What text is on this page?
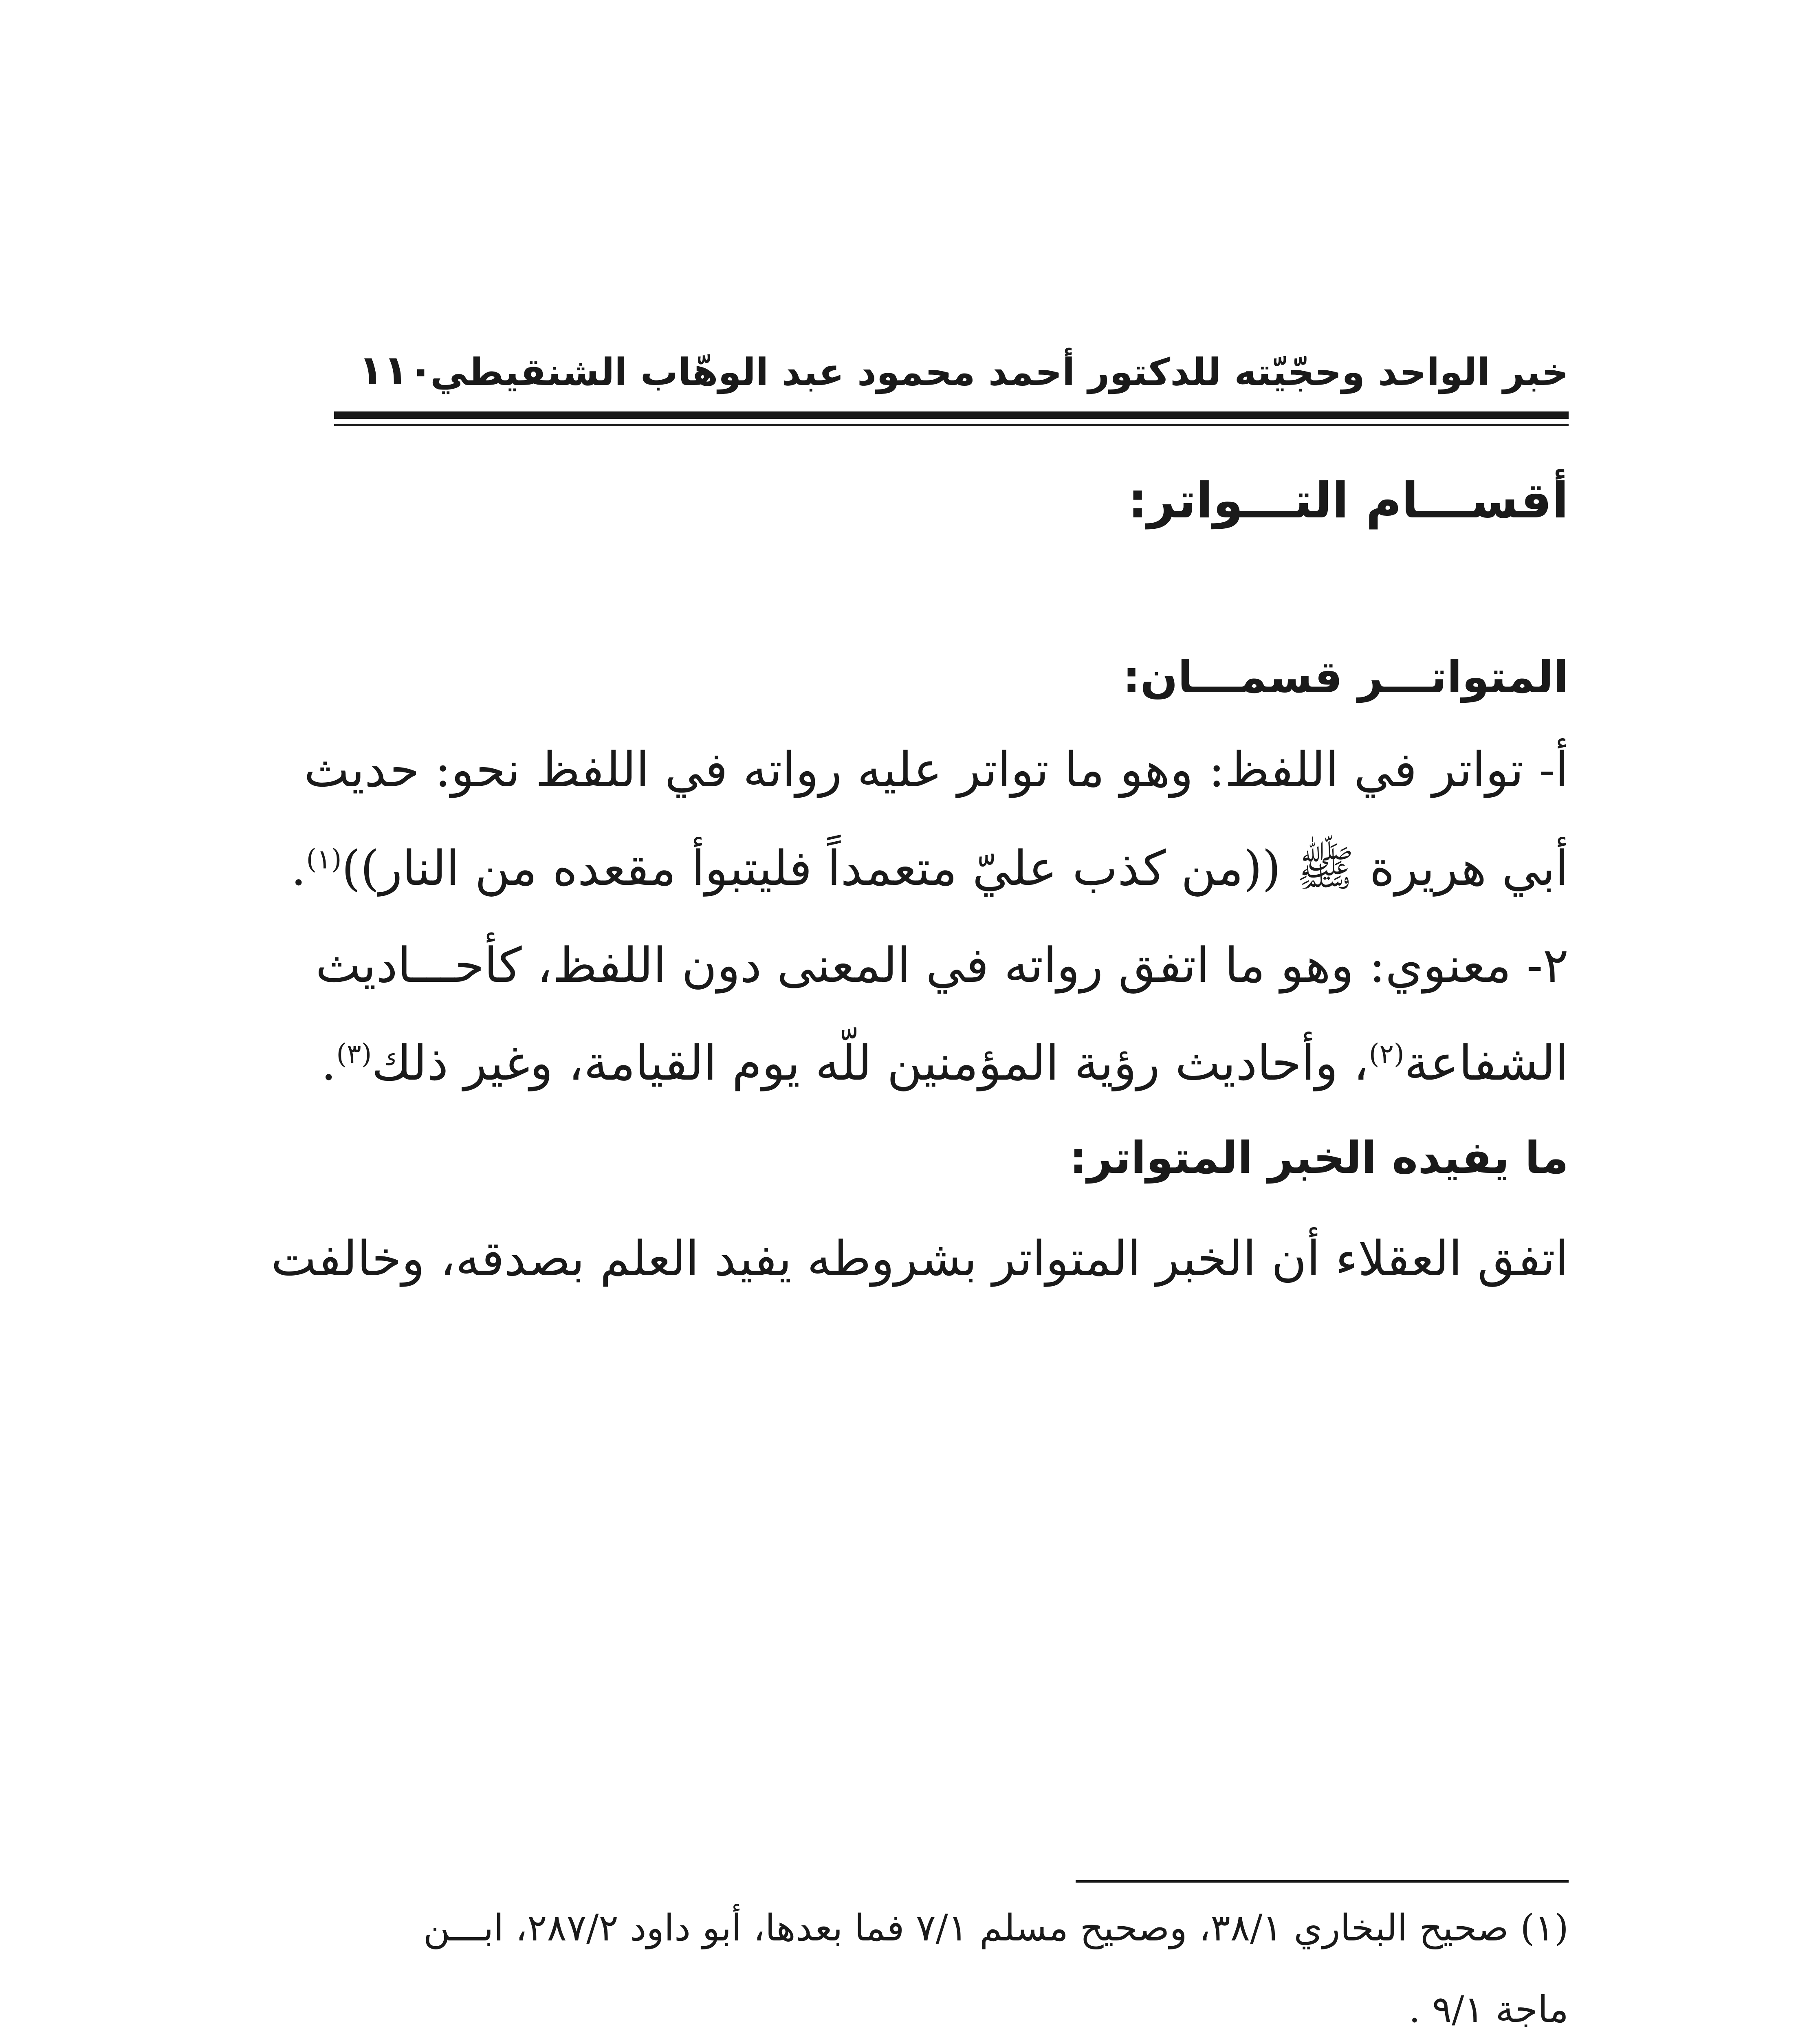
خبر الواحد وحجّيّته للدكتور أحمد محمود عبد الوهّاب الشنقيطي
١١٠
أقســـام التـــواتر:
المتواتـــر قسمـــان:
أ- تواتر في اللفظ: وهو ما تواتر عليه رواته في اللفظ نحو: حديث
أبي هريرة ﷺ ((من كذب عليّ متعمداً فليتبوأ مقعده من النار))$^{(١)}$.
٢- معنوي: وهو ما اتفق رواته في المعنى دون اللفظ، كأحـــاديث
الشفاعة$^{(٢)}$، وأحاديث رؤية المؤمنين للّه يوم القيامة، وغير ذلك$^{(٣)}$.
ما يفيده الخبر المتواتر:
اتفق العقلاء أن الخبر المتواتر بشروطه يفيد العلم بصدقه، وخالفت
(١) صحيح البخاري ٣٨/١، وصحيح مسلم ٧/١ فما بعدها، أبو داود ٢٨٧/٢، ابـــن
ماجة ٩/١ .
